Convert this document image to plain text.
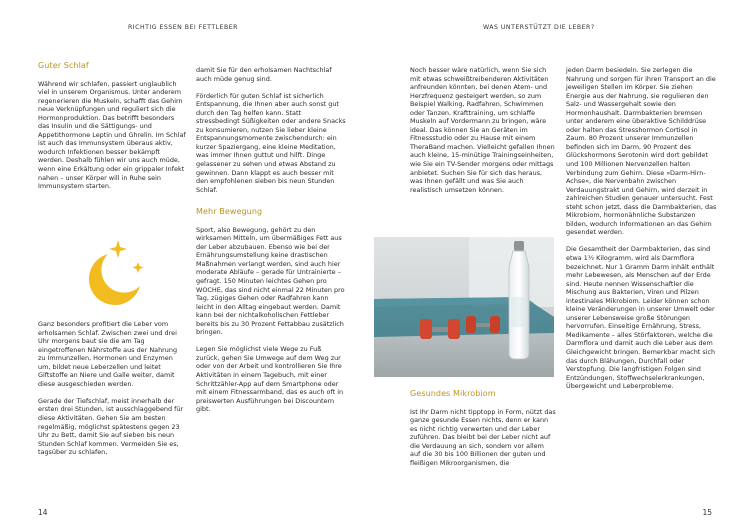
RICHTIG ESSEN BEI FETTLEBER	WAS UNTERSTÜTZT DIE LEBER?
Guter Schlaf

Während wir schlafen, passiert unglaublich viel in unserem Organismus. Unter anderem regenerieren die Muskeln, schafft das Gehirn neue Verknüpfungen und reguliert sich die Hormonproduktion. Das betrifft besonders das Insulin und die Sättigungs- und Appetithormone Leptin und Ghrelin. Im Schlaf ist auch das Immunsystem überaus aktiv, wodurch Infektionen besser bekämpft werden. Deshalb fühlen wir uns auch müde, wenn eine Erkältung oder ein grippaler Infekt nahen – unser Körper will in Ruhe sein Immunsystem starten.

Ganz besonders profitiert die Leber vom erholsamen Schlaf. Zwischen zwei und drei Uhr morgens baut sie die am Tag eingetroffenen Nährstoffe aus der Nahrung zu Immunzellen, Hormonen und Enzymen um, bildet neue Leberzellen und leitet Giftstoffe an Niere und Galle weiter, damit diese ausgeschieden werden.

Gerade der Tiefschlaf, meist innerhalb der ersten drei Stunden, ist ausschlaggebend für diese Aktivitäten. Gehen Sie am besten regelmäßig, möglichst spätestens gegen 23 Uhr zu Bett, damit Sie auf sieben bis neun Stunden Schlaf kommen. Vermeiden Sie es, tagsüber zu schlafen,

damit Sie für den erholsamen Nachtschlaf auch müde genug sind.

Förderlich für guten Schlaf ist sicherlich Entspannung, die Ihnen aber auch sonst gut durch den Tag helfen kann. Statt stressbedingt Süßigkeiten oder andere Snacks zu konsumieren, nutzen Sie lieber kleine Entspannungsmomente zwischendurch: ein kurzer Spaziergang, eine kleine Meditation, was immer Ihnen guttut und hilft. Dinge gelassener zu sehen und etwas Abstand zu gewinnen. Dann klappt es auch besser mit den empfohlenen sieben bis neun Stunden Schlaf.

Mehr Bewegung

Sport, also Bewegung, gehört zu den wirksamen Mitteln, um übermäßiges Fett aus der Leber abzubauen. Ebenso wie bei der Ernährungsumstellung keine drastischen Maßnahmen verlangt werden, sind auch hier moderate Abläufe – gerade für Untrainierte – gefragt. 150 Minuten leichtes Gehen pro WOCHE, das sind nicht einmal 22 Minuten pro Tag, zügiges Gehen oder Radfahren kann leicht in den Alltag eingebaut werden. Damit kann bei der nichtalkoholischen Fettleber bereits bis zu 30 Prozent Fettabbau zusätzlich bringen.

Legen Sie möglichst viele Wege zu Fuß zurück, gehen Sie Umwege auf dem Weg zur oder von der Arbeit und kontrollieren Sie Ihre Aktivitäten in einem Tagebuch, mit einer Schrittzähler-App auf dem Smartphone oder mit einem Fitnessarmband, das es auch oft in preiswerten Ausführungen bei Discountern gibt.

Noch besser wäre natürlich, wenn Sie sich mit etwas schweißtreibenderen Aktivitäten anfreunden könnten, bei denen Atem- und Herzfrequenz gesteigert werden, so zum Beispiel Walking, Radfahren, Schwimmen oder Tanzen. Krafttraining, um schlaffe Muskeln auf Vordermann zu bringen, wäre ideal. Das können Sie an Geräten im Fitnessstudio oder zu Hause mit einem TheraBand machen. Vielleicht gefallen Ihnen auch kleine, 15-minütige Trainingseinheiten, wie Sie ein TV-Sender morgens oder mittags anbietet. Suchen Sie für sich das heraus, was Ihnen gefällt und was Sie auch realistisch umsetzen können.

Gesundes Mikrobiom

Ist Ihr Darm nicht tipptopp in Form, nützt das ganze gesunde Essen nichts, denn er kann es nicht richtig verwerten und der Leber zuführen. Das bleibt bei der Leber nicht auf die Verdauung an sich, sondern vor allem auf die 30 bis 100 Billionen der guten und fleißigen Mikroorganismen, die

jeden Darm besiedeln. Sie zerlegen die Nahrung und sorgen für ihren Transport an die jeweiligen Stellen im Körper. Sie ziehen Energie aus der Nahrung, sie regulieren den Salz- und Wassergehalt sowie den Hormonhaushalt. Darmbakterien bremsen unter anderem eine überaktive Schilddrüse oder halten das Stresshormon Cortisol in Zaum. 80 Prozent unserer Immunzellen befinden sich im Darm, 90 Prozent des Glückshormons Serotonin wird dort gebildet und 100 Millionen Nervenzellen halten Verbindung zum Gehirn. Diese »Darm-Hirn-Achse«, die Nervenbahn zwischen Verdauungstrakt und Gehirn, wird derzeit in zahlreichen Studien genauer untersucht. Fest steht schon jetzt, dass die Darmbakterien, das Mikrobiom, hormonähnliche Substanzen bilden, wodurch Informationen an das Gehirn gesendet werden.

Die Gesamtheit der Darmbakterien, das sind etwa 1½ Kilogramm, wird als Darmflora bezeichnet. Nur 1 Gramm Darm inhält enthält mehr Lebewesen, als Menschen auf der Erde sind. Heute nennen Wissenschaftler die Mischung aus Bakterien, Viren und Pilzen intestinales Mikrobiom. Leider können schon kleine Veränderungen in unserer Umwelt oder unserer Lebensweise große Störungen hervorrufen. Einseitige Ernährung, Stress, Medikamente – alles Störfaktoren, welche die Darmflora und damit auch die Leber aus dem Gleichgewicht bringen. Bemerkbar macht sich das durch Blähungen, Durchfall oder Verstopfung. Die langfristigen Folgen sind Entzündungen, Stoffwechselerkrankungen, Übergewicht und Leberprobleme.

14	15
